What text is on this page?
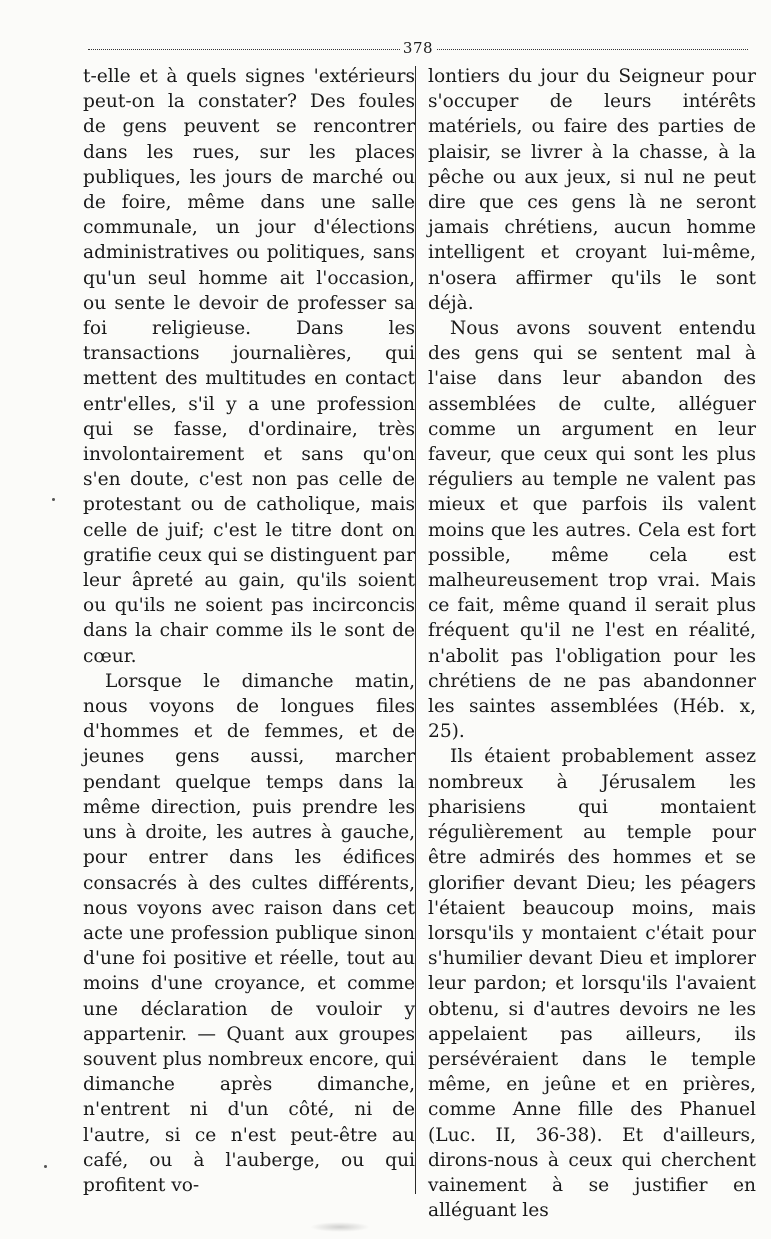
378

t-elle et à quels signes 'extérieurs peut-on la constater? Des foules de gens peuvent se rencontrer dans les rues, sur les places publiques, les jours de marché ou de foire, même dans une salle communale, un jour d'élections administratives ou politiques, sans qu'un seul homme ait l'occasion, ou sente le devoir de professer sa foi religieuse. Dans les transactions journalières, qui mettent des multitudes en contact entr'elles, s'il y a une profession qui se fasse, d'ordinaire, très involontairement et sans qu'on s'en doute, c'est non pas celle de protestant ou de catholique, mais celle de juif; c'est le titre dont on gratifie ceux qui se distinguent par leur âpreté au gain, qu'ils soient ou qu'ils ne soient pas incirconcis dans la chair comme ils le sont de cœur.

Lorsque le dimanche matin, nous voyons de longues files d'hommes et de femmes, et de jeunes gens aussi, marcher pendant quelque temps dans la même direction, puis prendre les uns à droite, les autres à gauche, pour entrer dans les édifices consacrés à des cultes différents, nous voyons avec raison dans cet acte une profession publique sinon d'une foi positive et réelle, tout au moins d'une croyance, et comme une déclaration de vouloir y appartenir. — Quant aux groupes souvent plus nombreux encore, qui dimanche après dimanche, n'entrent ni d'un côté, ni de l'autre, si ce n'est peut-être au café, ou à l'auberge, ou qui profitent vo-

lontiers du jour du Seigneur pour s'occuper de leurs intérêts matériels, ou faire des parties de plaisir, se livrer à la chasse, à la pêche ou aux jeux, si nul ne peut dire que ces gens là ne seront jamais chrétiens, aucun homme intelligent et croyant lui-même, n'osera affirmer qu'ils le sont déjà.

Nous avons souvent entendu des gens qui se sentent mal à l'aise dans leur abandon des assemblées de culte, alléguer comme un argument en leur faveur, que ceux qui sont les plus réguliers au temple ne valent pas mieux et que parfois ils valent moins que les autres. Cela est fort possible, même cela est malheureusement trop vrai. Mais ce fait, même quand il serait plus fréquent qu'il ne l'est en réalité, n'abolit pas l'obligation pour les chrétiens de ne pas abandonner les saintes assemblées (Héb. x, 25).

Ils étaient probablement assez nombreux à Jérusalem les pharisiens qui montaient régulièrement au temple pour être admirés des hommes et se glorifier devant Dieu; les péagers l'étaient beaucoup moins, mais lorsqu'ils y montaient c'était pour s'humilier devant Dieu et implorer leur pardon; et lorsqu'ils l'avaient obtenu, si d'autres devoirs ne les appelaient pas ailleurs, ils persévéraient dans le temple même, en jeûne et en prières, comme Anne fille des Phanuel (Luc. II, 36-38). Et d'ailleurs, dirons-nous à ceux qui cherchent vainement à se justifier en alléguant les
